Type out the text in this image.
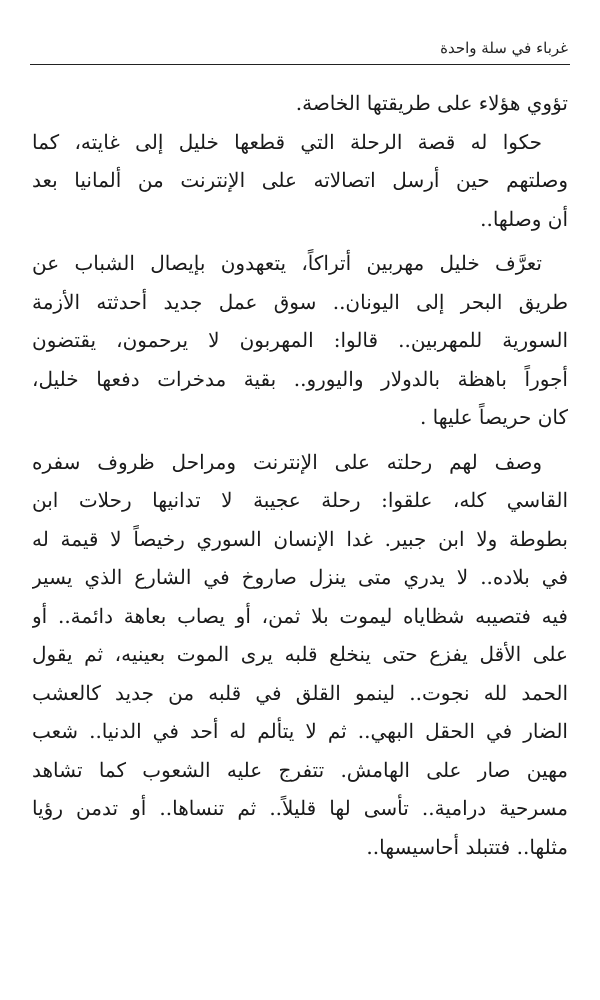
غرباء في سلة واحدة
تؤوي هؤلاء على طريقتها الخاصة.
حكوا له قصة الرحلة التي قطعها خليل إلى غايته، كما
وصلتهم حين أرسل اتصالاته على الإنترنت من ألمانيا بعد
أن وصلها..
تعرَّف خليل مهربين أتراكاً، يتعهدون بإيصال الشباب عن
طريق البحر إلى اليونان.. سوق عمل جديد أحدثته الأزمة
السورية للمهربين.. قالوا: المهربون لا يرحمون، يقتضون
أجوراً باهظة بالدولار واليورو.. بقية مدخرات دفعها خليل،
كان حريصاً عليها .
وصف لهم رحلته على الإنترنت ومراحل ظروف سفره
القاسي كله، علقوا: رحلة عجيبة لا تدانيها رحلات ابن
بطوطة ولا ابن جبير. غدا الإنسان السوري رخيصاً لا قيمة له
في بلاده.. لا يدري متى ينزل صاروخ في الشارع الذي يسير
فيه فتصيبه شظاياه ليموت بلا ثمن، أو يصاب بعاهة دائمة.. أو
على الأقل يفزع حتى ينخلع قلبه يرى الموت بعينيه، ثم يقول
الحمد لله نجوت.. لينمو القلق في قلبه من جديد كالعشب
الضار في الحقل البهي.. ثم لا يتألم له أحد في الدنيا.. شعب
مهين صار على الهامش. تتفرج عليه الشعوب كما تشاهد
مسرحية درامية.. تأسى لها قليلاً.. ثم تنساها.. أو تدمن رؤيا
مثلها.. فتتبلد أحاسيسها..
